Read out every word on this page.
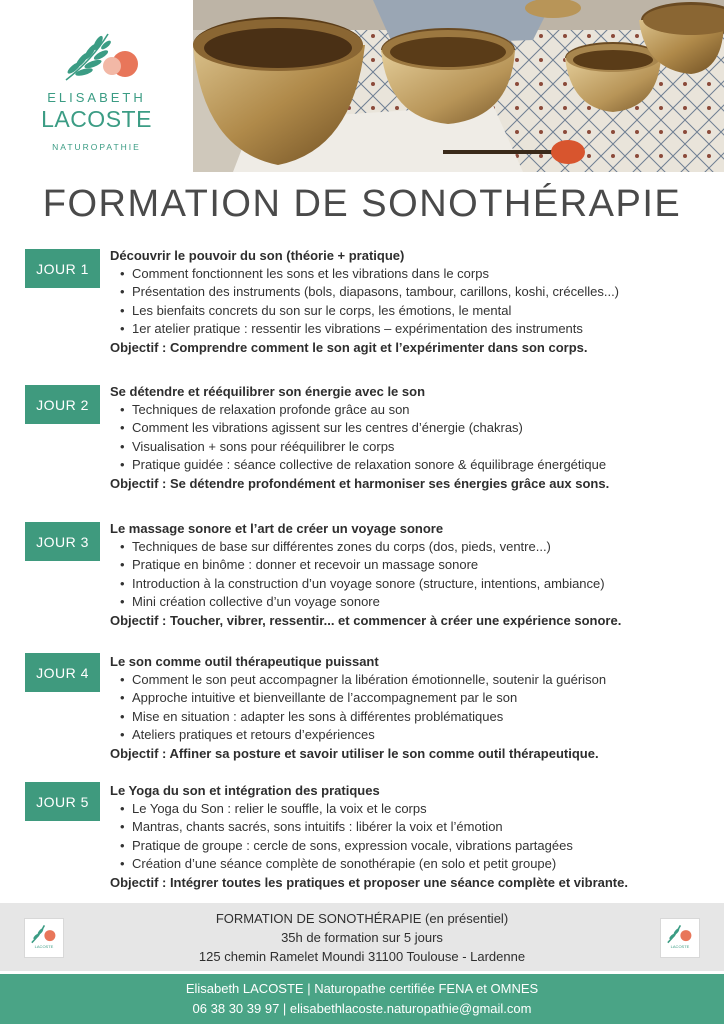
ELISABETH
LACOSTE
NATUROPATHIE
FORMATION DE SONOTHÉRAPIE
JOUR 1
Découvrir le pouvoir du son (théorie + pratique)
• Comment fonctionnent les sons et les vibrations dans le corps
• Présentation des instruments (bols, diapasons, tambour, carillons, koshi, crécelles...)
• Les bienfaits concrets du son sur le corps, les émotions, le mental
• 1er atelier pratique : ressentir les vibrations – expérimentation des instruments
Objectif : Comprendre comment le son agit et l’expérimenter dans son corps.
JOUR 2
Se détendre et rééquilibrer son énergie avec le son
• Techniques de relaxation profonde grâce au son
• Comment les vibrations agissent sur les centres d’énergie (chakras)
• Visualisation + sons pour rééquilibrer le corps
• Pratique guidée : séance collective de relaxation sonore & équilibrage énergétique
Objectif : Se détendre profondément et harmoniser ses énergies grâce aux sons.
JOUR 3
Le massage sonore et l’art de créer un voyage sonore
• Techniques de base sur différentes zones du corps (dos, pieds, ventre...)
• Pratique en binôme : donner et recevoir un massage sonore
• Introduction à la construction d’un voyage sonore (structure, intentions, ambiance)
• Mini création collective d’un voyage sonore
Objectif : Toucher, vibrer, ressentir... et commencer à créer une expérience sonore.
JOUR 4
Le son comme outil thérapeutique puissant
• Comment le son peut accompagner la libération émotionnelle, soutenir la guérison
• Approche intuitive et bienveillante de l’accompagnement par le son
• Mise en situation : adapter les sons à différentes problématiques
• Ateliers pratiques et retours d’expériences
Objectif : Affiner sa posture et savoir utiliser le son comme outil thérapeutique.
JOUR 5
Le Yoga du son et intégration des pratiques
• Le Yoga du Son : relier le souffle, la voix et le corps
• Mantras, chants sacrés, sons intuitifs : libérer la voix et l’émotion
• Pratique de groupe : cercle de sons, expression vocale, vibrations partagées
• Création d’une séance complète de sonothérapie (en solo et petit groupe)
Objectif : Intégrer toutes les pratiques et proposer une séance complète et vibrante.
FORMATION DE SONOTHÉRAPIE (en présentiel)
35h de formation sur 5 jours
125 chemin Ramelet Moundi 31100 Toulouse - Lardenne
LACOSTE	LACOSTE
Elisabeth LACOSTE | Naturopathe certifiée FENA et OMNES
06 38 30 39 97 | elisabethlacoste.naturopathie@gmail.com
